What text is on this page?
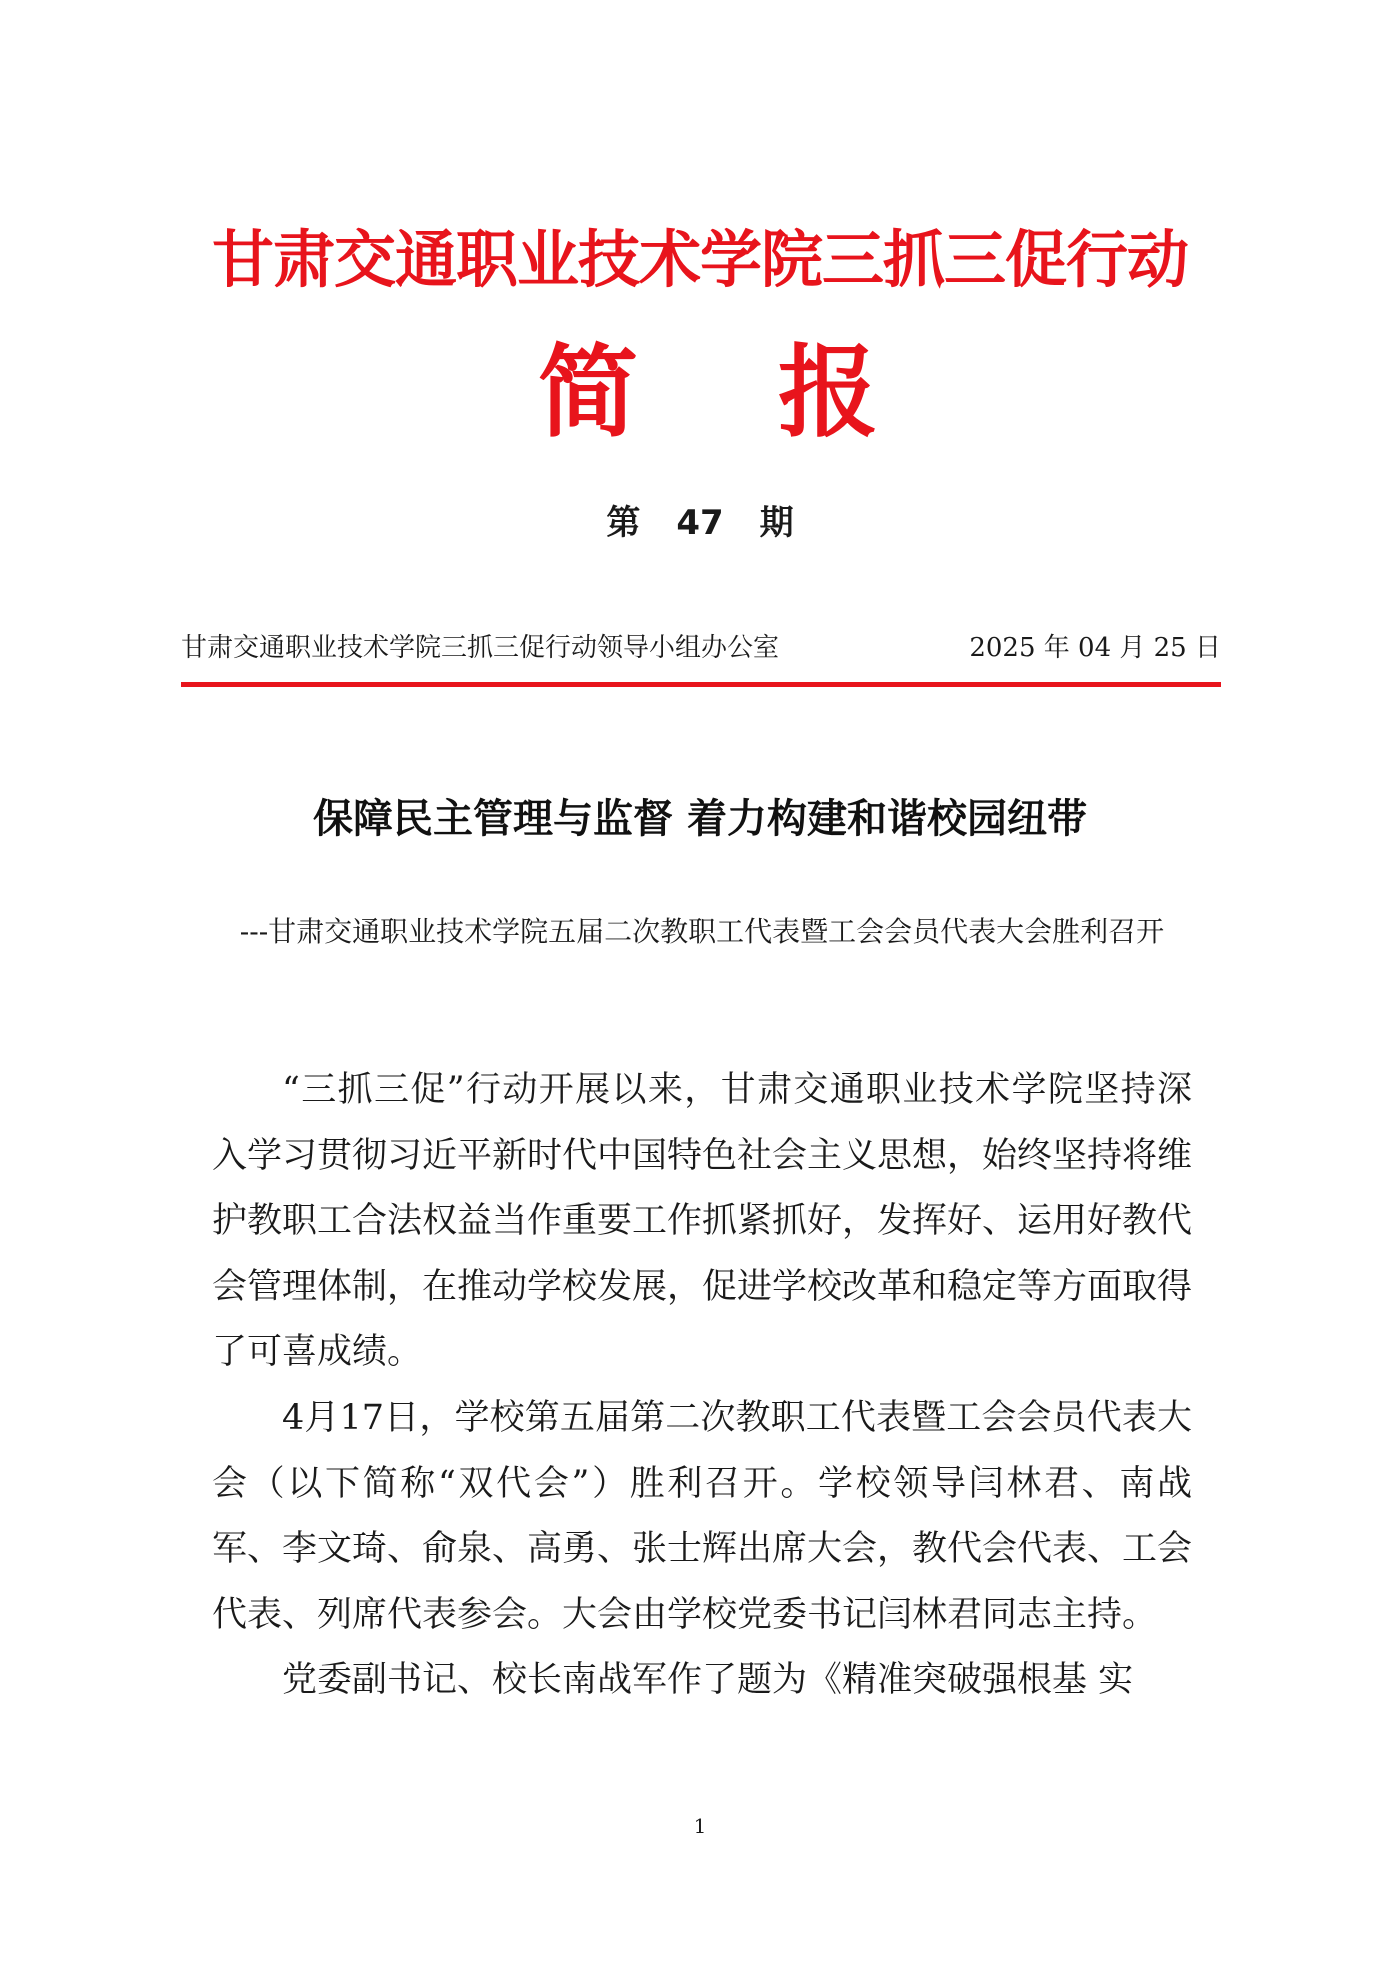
甘肃交通职业技术学院三抓三促行动
简 报
第 47 期
甘肃交通职业技术学院三抓三促行动领导小组办公室	2025 年 04 月 25 日
保障民主管理与监督 着力构建和谐校园纽带
---甘肃交通职业技术学院五届二次教职工代表暨工会会员代表大会胜利召开

“三抓三促”行动开展以来，甘肃交通职业技术学院坚持深入学习贯彻习近平新时代中国特色社会主义思想，始终坚持将维护教职工合法权益当作重要工作抓紧抓好，发挥好、运用好教代会管理体制，在推动学校发展，促进学校改革和稳定等方面取得了可喜成绩。

4月17日，学校第五届第二次教职工代表暨工会会员代表大会（以下简称“双代会”）胜利召开。学校领导闫林君、南战军、李文琦、俞泉、高勇、张士辉出席大会，教代会代表、工会代表、列席代表参会。大会由学校党委书记闫林君同志主持。

党委副书记、校长南战军作了题为《精准突破强根基 实

1
